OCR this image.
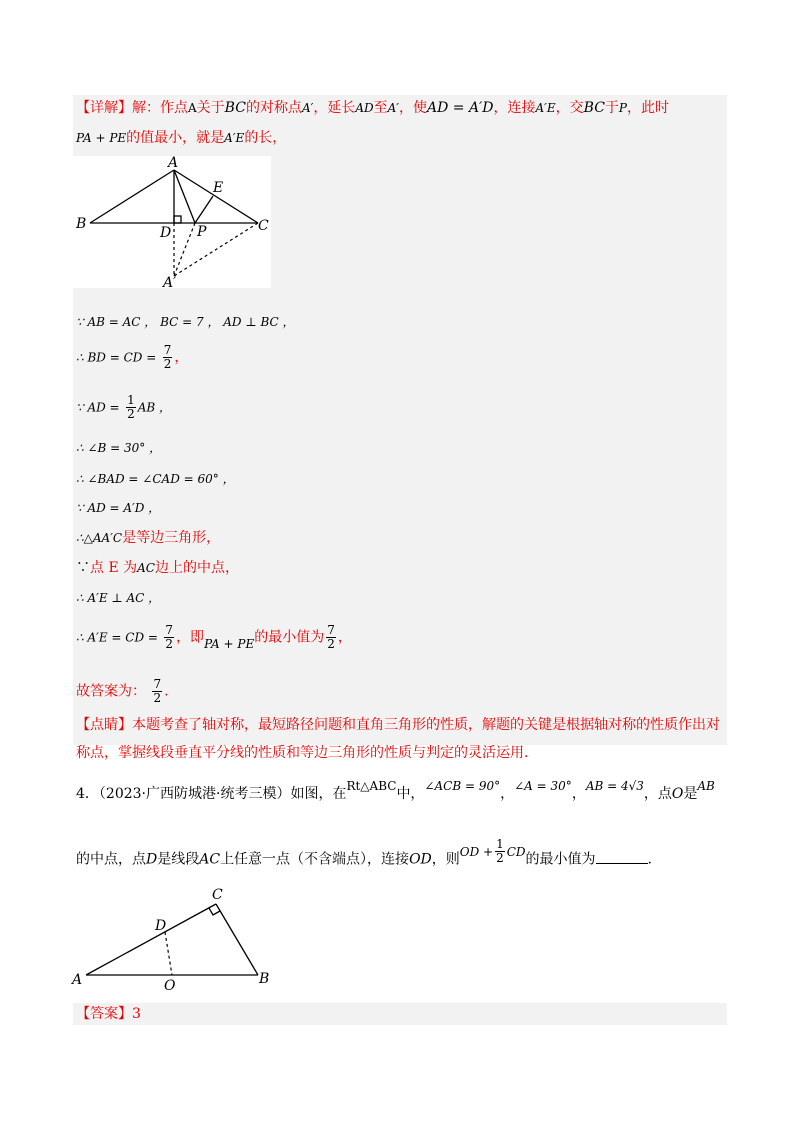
【详解】解：作点A关于BC的对称点A′，延长AD至A′，使AD = A′D，连接A′E，交BC于P，此时
PA + PE的值最小，就是A′E的长，
A
B	C
D
E
P
A′
∵ AB = AC ， BC = 7 ， AD ⊥ BC ，
∴ BD = CD = $\frac{7}{2}$ ，
∵ AD = $\frac{1}{2}$ AB ，
∴ ∠B = 30° ，
∴ ∠BAD = ∠CAD = 60° ，
∵ AD = A′D ，
∴△AA′C是等边三角形，
∵点 E 为AC边上的中点，
∴ A′E ⊥ AC ，
∴ A′E = CD = $\frac{7}{2}$ ，即PA + PE的最小值为 $\frac{7}{2}$ ，
故答案为： $\frac{7}{2}$ .
【点睛】本题考查了轴对称，最短路径问题和直角三角形的性质，解题的关键是根据轴对称的性质作出对
称点，掌握线段垂直平分线的性质和等边三角形的性质与判定的灵活运用.
4．（2023·广西防城港·统考三模）如图，在Rt△ABC中，∠ACB = 90°，∠A = 30°，AB = 4√3，点O是AB
的中点，点D是线段AC上任意一点（不含端点），连接OD，则OD + $\frac{1}{2}$ CD的最小值为	.
C
D
A	B
O
【答案】3
